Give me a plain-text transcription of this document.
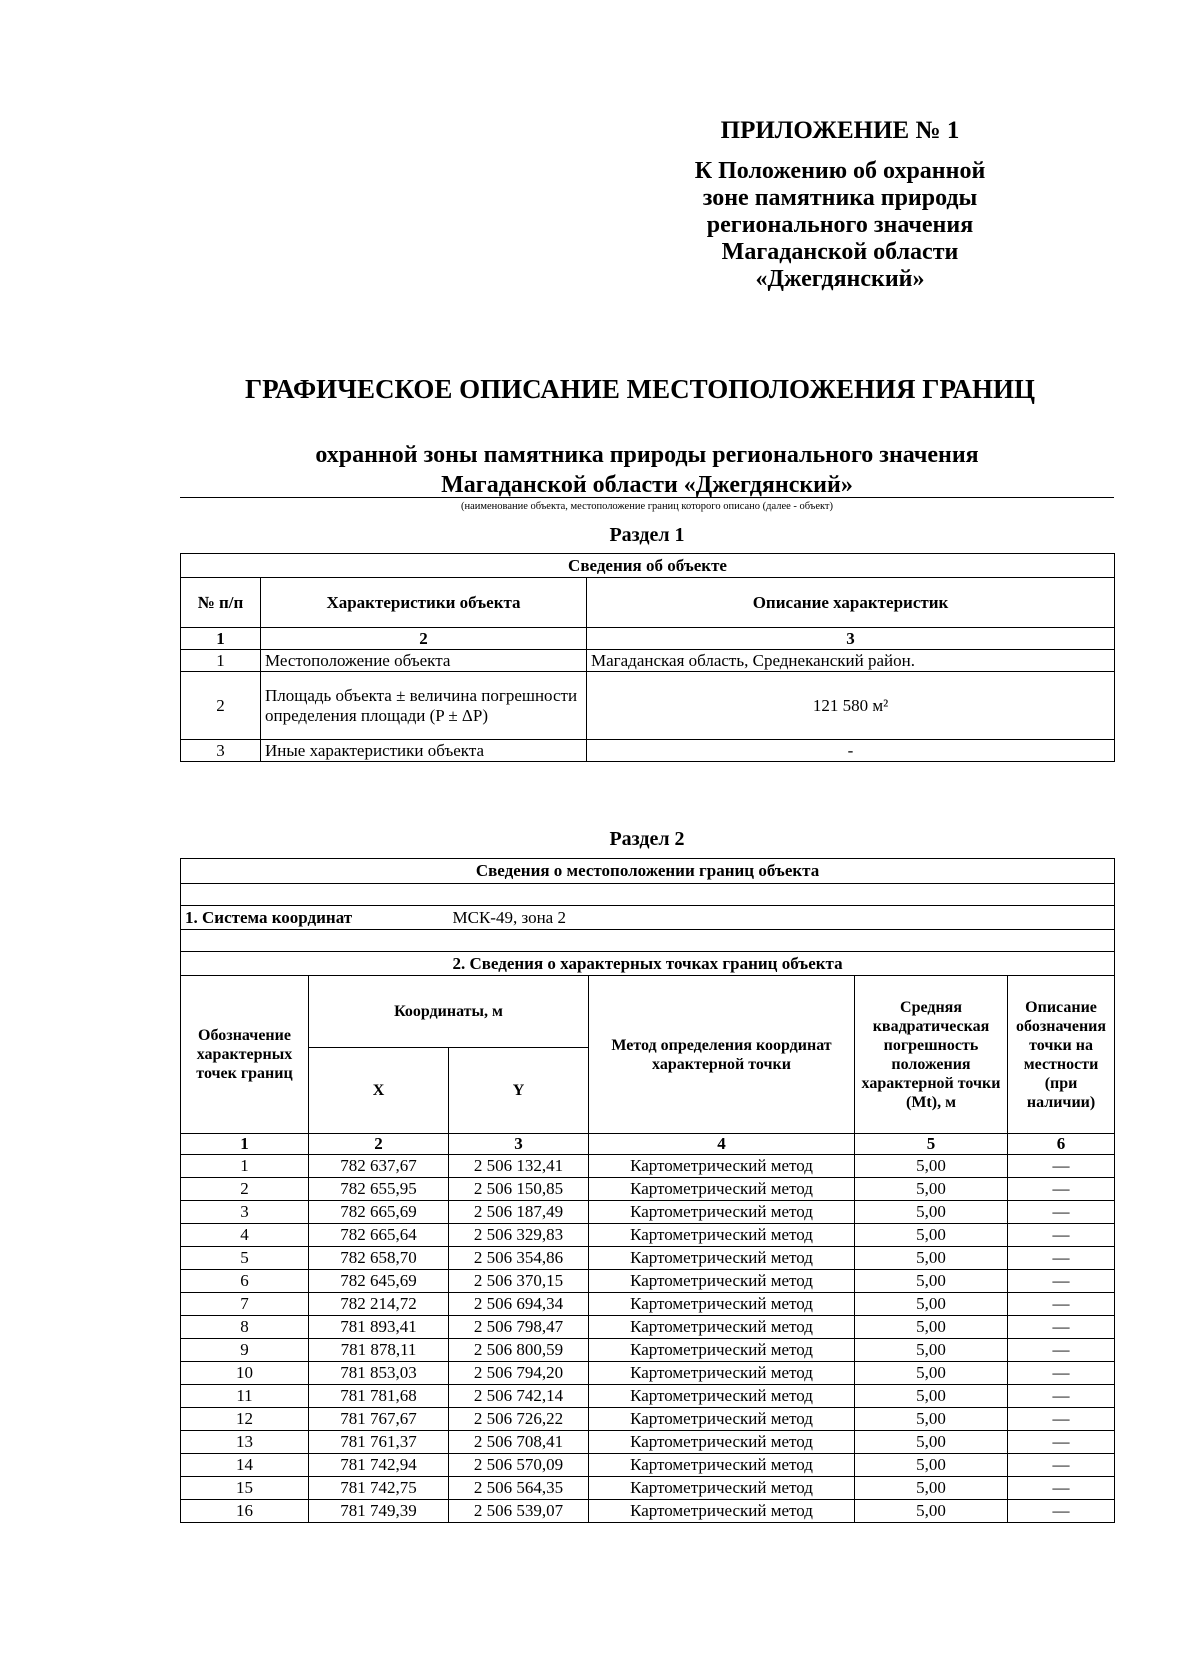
ПРИЛОЖЕНИЕ № 1
К Положению об охранной
зоне памятника природы
регионального значения
Магаданской области
«Джегдянский»
ГРАФИЧЕСКОЕ ОПИСАНИЕ МЕСТОПОЛОЖЕНИЯ ГРАНИЦ
охранной зоны памятника природы регионального значения
Магаданской области «Джегдянский»
(наименование объекта, местоположение границ которого описано (далее - объект)
Раздел 1
Сведения об объекте		
№ п/п	Характеристики объекта	Описание характеристик
1	2	3
1	Местоположение объекта	Магаданская область, Среднеканский район.
2	Площадь объекта ± величина погрешности определения площади (P ± ΔP)	121 580 м²
3	Иные характеристики объекта	-
Раздел 2
Сведения о местоположении границ объекта					

1. Система координат		МСК-49, зона 2			

2. Сведения о характерных точках границ объекта					
Обозначение характерных точек границ	Координаты, м		Метод определения координат характерной точки	Средняя квадратическая погрешность положения характерной точки (Mt), м	Описание обозначения точки на местности (при наличии)
	X	Y			
1	2	3	4	5	6
1	782 637,67	2 506 132,41	Картометрический метод	5,00	—
2	782 655,95	2 506 150,85	Картометрический метод	5,00	—
3	782 665,69	2 506 187,49	Картометрический метод	5,00	—
4	782 665,64	2 506 329,83	Картометрический метод	5,00	—
5	782 658,70	2 506 354,86	Картометрический метод	5,00	—
6	782 645,69	2 506 370,15	Картометрический метод	5,00	—
7	782 214,72	2 506 694,34	Картометрический метод	5,00	—
8	781 893,41	2 506 798,47	Картометрический метод	5,00	—
9	781 878,11	2 506 800,59	Картометрический метод	5,00	—
10	781 853,03	2 506 794,20	Картометрический метод	5,00	—
11	781 781,68	2 506 742,14	Картометрический метод	5,00	—
12	781 767,67	2 506 726,22	Картометрический метод	5,00	—
13	781 761,37	2 506 708,41	Картометрический метод	5,00	—
14	781 742,94	2 506 570,09	Картометрический метод	5,00	—
15	781 742,75	2 506 564,35	Картометрический метод	5,00	—
16	781 749,39	2 506 539,07	Картометрический метод	5,00	—
